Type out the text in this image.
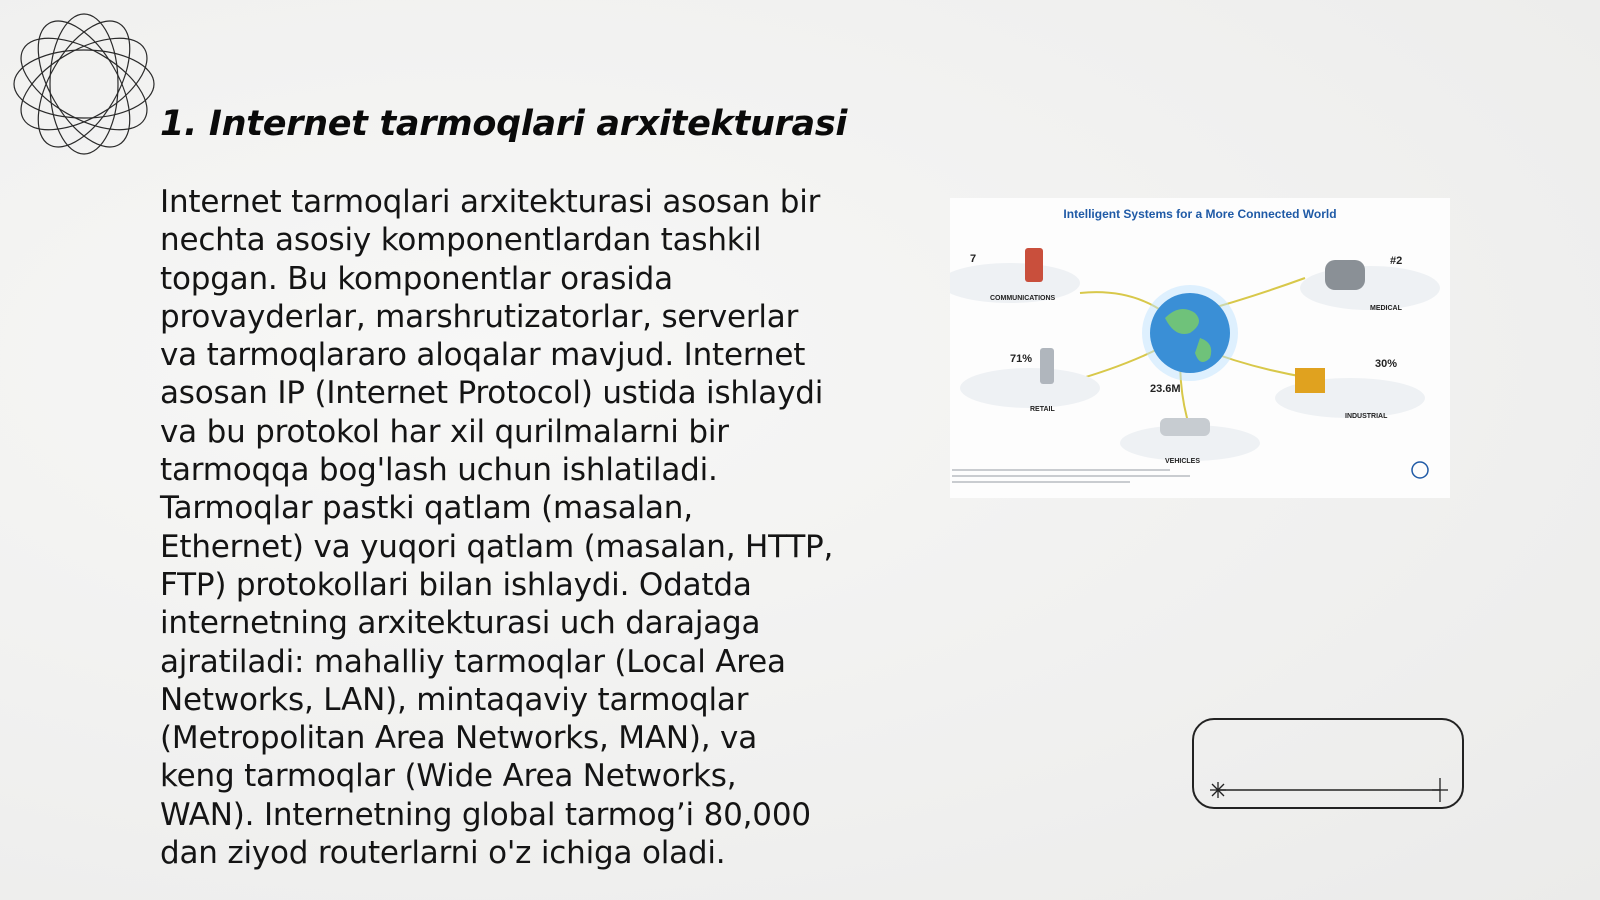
1. Internet tarmoqlari arxitekturasi

Internet tarmoqlari arxitekturasi asosan bir nechta asosiy komponentlardan tashkil topgan. Bu komponentlar orasida provayderlar, marshrutizatorlar, serverlar va tarmoqlararo aloqalar mavjud. Internet asosan IP (Internet Protocol) ustida ishlaydi va bu protokol har xil qurilmalarni bir tarmoqqa bog'lash uchun ishlatiladi. Tarmoqlar pastki qatlam (masalan, Ethernet) va yuqori qatlam (masalan, HTTP, FTP) protokollari bilan ishlaydi. Odatda internetning arxitekturasi uch darajaga ajratiladi: mahalliy tarmoqlar (Local Area Networks, LAN), mintaqaviy tarmoqlar (Metropolitan Area Networks, MAN), va keng tarmoqlar (Wide Area Networks, WAN). Internetning global tarmog’i 80,000 dan ziyod routerlarni o'z ichiga oladi.

Intelligent Systems for a More Connected World
7
COMMUNICATIONS
#2
MEDICAL
71%
RETAIL
30%
INDUSTRIAL
23.6M
VEHICLES
